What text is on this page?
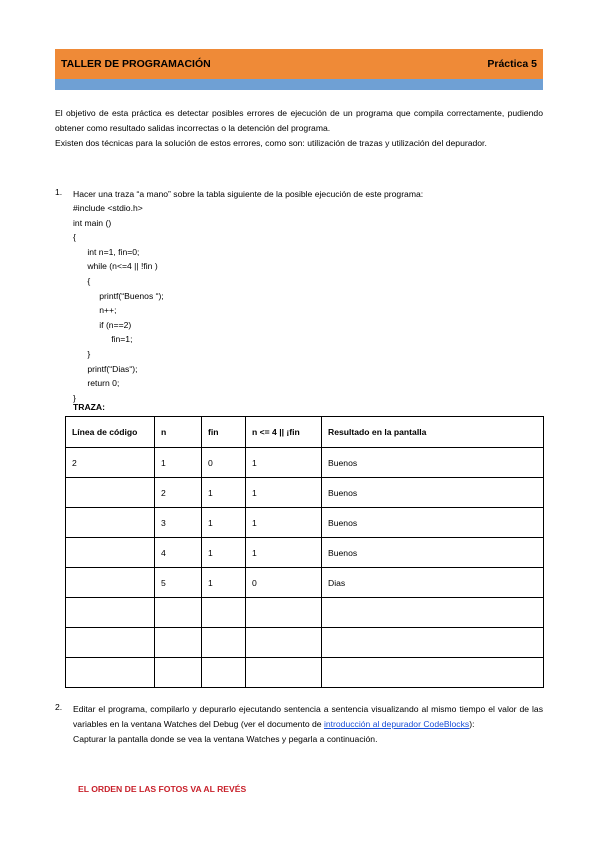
TALLER DE PROGRAMACIÓN	Práctica 5

El objetivo de esta práctica es detectar posibles errores de ejecución de un programa que compila correctamente, pudiendo obtener como resultado salidas incorrectas o la detención del programa.

Existen dos técnicas para la solución de estos errores, como son: utilización de trazas y utilización del depurador.

1. Hacer una traza “a mano” sobre la tabla siguiente de la posible ejecución de este programa:
#include <stdio.h>
int main ()
{
int n=1, fin=0;
while (n<=4 || !fin )
{
printf(“Buenos “);
n++;
if (n==2)
fin=1;
}
printf(“Dias“);
return 0;
}
TRAZA:
Línea de código	n	fin	n <= 4 || ¡fin	Resultado en la pantalla
2	1	0	1	Buenos
	2	1	1	Buenos
	3	1	1	Buenos
	4	1	1	Buenos
	5	1	0	Dias

2. Editar el programa, compilarlo y depurarlo ejecutando sentencia a sentencia visualizando al mismo tiempo el valor de las variables en la ventana Watches del Debug (ver el documento de introducción al depurador CodeBlocks):

Capturar la pantalla donde se vea la ventana Watches y pegarla a continuación.

EL ORDEN DE LAS FOTOS VA AL REVÉS
